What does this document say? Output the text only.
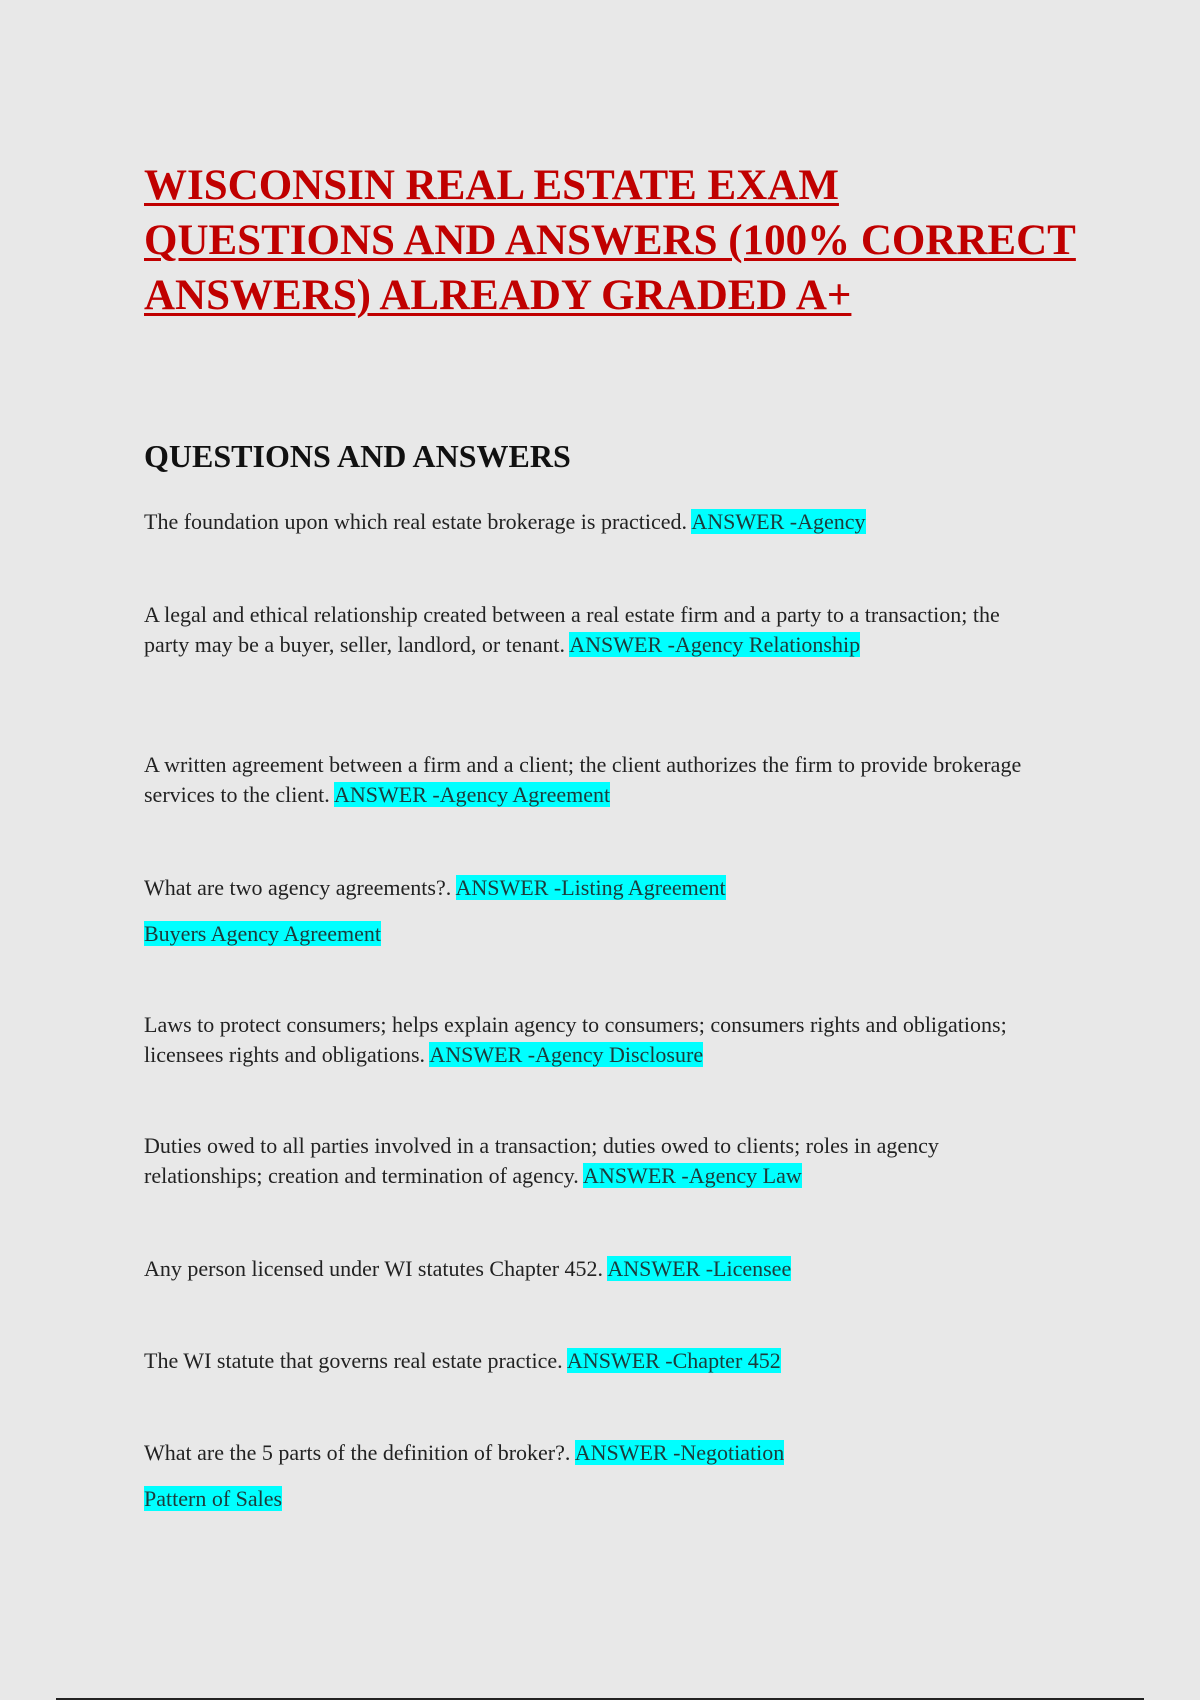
WISCONSIN REAL ESTATE EXAM QUESTIONS AND ANSWERS (100% CORRECT ANSWERS) ALREADY GRADED A+
QUESTIONS AND ANSWERS

The foundation upon which real estate brokerage is practiced. ANSWER -Agency

A legal and ethical relationship created between a real estate firm and a party to a transaction; the party may be a buyer, seller, landlord, or tenant. ANSWER -Agency Relationship

A written agreement between a firm and a client; the client authorizes the firm to provide brokerage services to the client. ANSWER -Agency Agreement

What are two agency agreements?. ANSWER -Listing Agreement

Buyers Agency Agreement

Laws to protect consumers; helps explain agency to consumers; consumers rights and obligations; licensees rights and obligations. ANSWER -Agency Disclosure

Duties owed to all parties involved in a transaction; duties owed to clients; roles in agency relationships; creation and termination of agency. ANSWER -Agency Law

Any person licensed under WI statutes Chapter 452. ANSWER -Licensee

The WI statute that governs real estate practice. ANSWER -Chapter 452

What are the 5 parts of the definition of broker?. ANSWER -Negotiation

Pattern of Sales
